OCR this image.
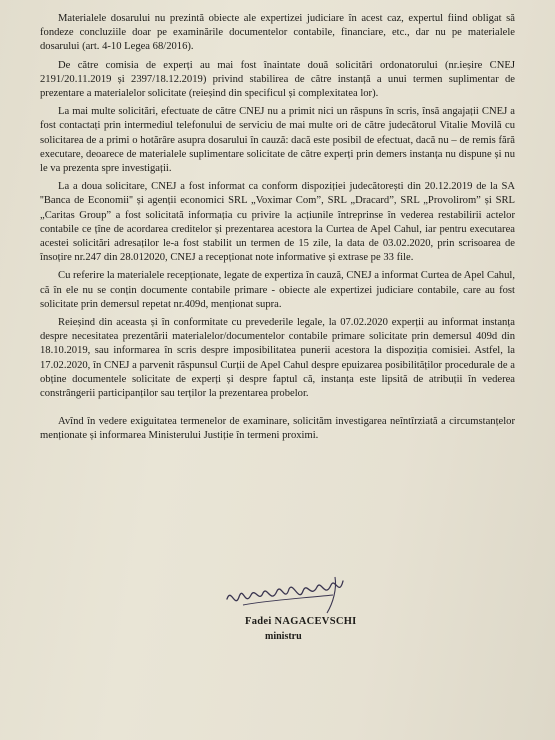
Materialele dosarului nu prezintă obiecte ale expertizei judiciare în acest caz, expertul fiind obligat să fondeze concluziile doar pe examinările documentelor contabile, financiare, etc., dar nu pe materialele dosarului (art. 4-10 Legea 68/2016).

De către comisia de experți au mai fost înaintate două solicitări ordonatorului (nr.ieșire CNEJ 2191/20.11.2019 și 2397/18.12.2019) privind stabilirea de către instanță a unui termen suplimentar de prezentare a materialelor solicitate (reieșind din specificul și complexitatea lor).

La mai multe solicitări, efectuate de către CNEJ nu a primit nici un răspuns în scris, însă angajații CNEJ a fost contactați prin intermediul telefonului de serviciu de mai multe ori de către judecătorul Vitalie Movilă cu solicitarea de a primi o hotărâre asupra dosarului în cauză: dacă este posibil de efectuat, dacă nu – de remis fără executare, deoarece de materialele suplimentare solicitate de către experți prin demers instanța nu dispune și nu le va prezenta spre investigații.

La a doua solicitare, CNEJ a fost informat ca conform dispoziției judecătorești din 20.12.2019 de la SA ''Banca de Economii'' și agenții economici SRL „Voximar Com”, SRL „Dracard”, SRL „Provolirom” și SRL „Caritas Group” a fost solicitată informația cu privire la acțiunile întreprinse în vederea restabilirii actelor contabile ce țîne de acordarea creditelor și prezentarea acestora la Curtea de Apel Cahul, iar pentru executarea acestei solicitări adresaților le-a fost stabilit un termen de 15 zile, la data de 03.02.2020, prin scrisoarea de însoțire nr.247 din 28.012020, CNEJ a recepționat note informative și extrase pe 33 file.

Cu referire la materialele recepționate, legate de expertiza în cauză, CNEJ a informat Curtea de Apel Cahul, că în ele nu se conțin documente contabile primare - obiecte ale expertizei judiciare contabile, care au fost solicitate prin demersul repetat nr.409d, menționat supra.

Reieșind din aceasta și în conformitate cu prevederile legale, la 07.02.2020 experții au informat instanța despre necesitatea prezentării materialelor/documentelor contabile primare solicitate prin demersul 409d din 18.10.2019, sau informarea în scris despre imposibilitatea punerii acestora la dispoziția comisiei. Astfel, la 17.02.2020, în CNEJ a parvenit răspunsul Curții de Apel Cahul despre epuizarea posibilităților procedurale de a obține documentele solicitate de experți și despre faptul că, instanța este lipsită de atribuții în vederea constrângerii participanților sau terților la prezentarea probelor.

Avînd în vedere exiguitatea termenelor de examinare, solicităm investigarea neîntîrziată a circumstanțelor menționate și informarea Ministerului Justiție în termeni proximi.

Fadei NAGACEVSCHI
ministru
